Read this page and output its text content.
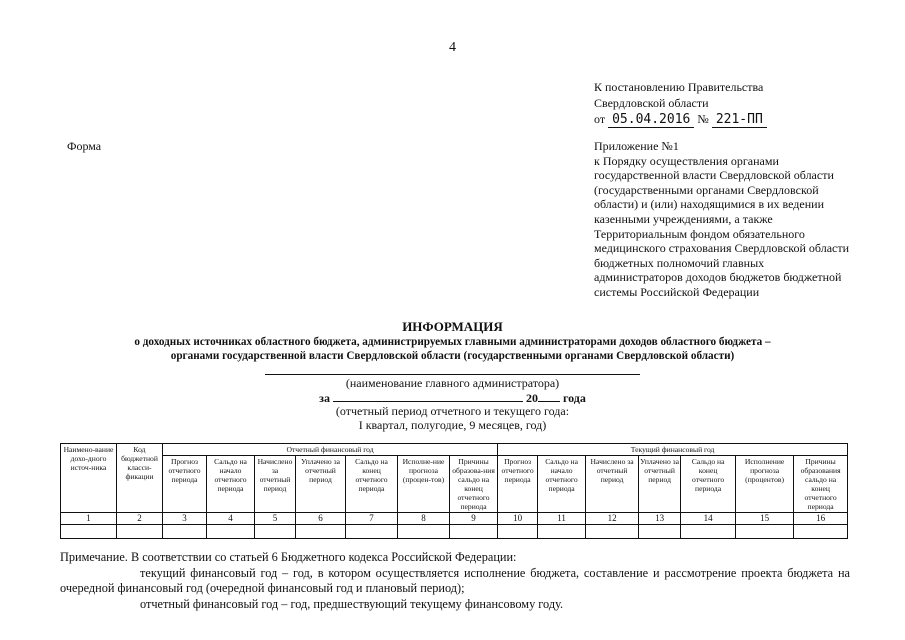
4
К постановлению Правительства
Свердловской области
от 05.04.2016 № 221-ПП
Форма	Приложение №1
к Порядку осуществления органами государственной власти Свердловской области (государственными органами Свердловской области) и (или) находящимися в их ведении казенными учреждениями, а также Территориальным фондом обязательного медицинского страхования Свердловской области бюджетных полномочий главных администраторов доходов бюджетов бюджетной системы Российской Федерации
ИНФОРМАЦИЯ
о доходных источниках областного бюджета, администрируемых главными администраторами доходов областного бюджета –
органами государственной власти Свердловской области (государственными органами Свердловской области)
(наименование главного администратора)
за	20 года
(отчетный период отчетного и текущего года:
I квартал, полугодие, 9 месяцев, год)
Наимено-вание дохо-дного источ-ника	Код бюджетной класси-фикации	Отчетный финансовый год							Текущий финансовый год						
		Прогноз отчетного периода	Сальдо на начало отчетного периода	Начислено за отчетный период	Уплачено за отчетный период	Сальдо на конец отчетного периода	Исполне-ние прогноза (процен-тов)	Причины образова-ния сальдо на конец отчетного периода	Прогноз отчетного периода	Сальдо на начало отчетного периода	Начислено за отчетный период	Уплачено за отчетный период	Сальдо на конец отчетного периода	Исполнение прогноза (процентов)	Причины образования сальдо на конец отчетного периода
1	2	3	4	5	6	7	8	9	10	11	12	13	14	15	16

Примечание. В соответствии со статьей 6 Бюджетного кодекса Российской Федерации:

текущий финансовый год – год, в котором осуществляется исполнение бюджета, составление и рассмотрение проекта бюджета на очередной финансовый год (очередной финансовый год и плановый период);

отчетный финансовый год – год, предшествующий текущему финансовому году.
